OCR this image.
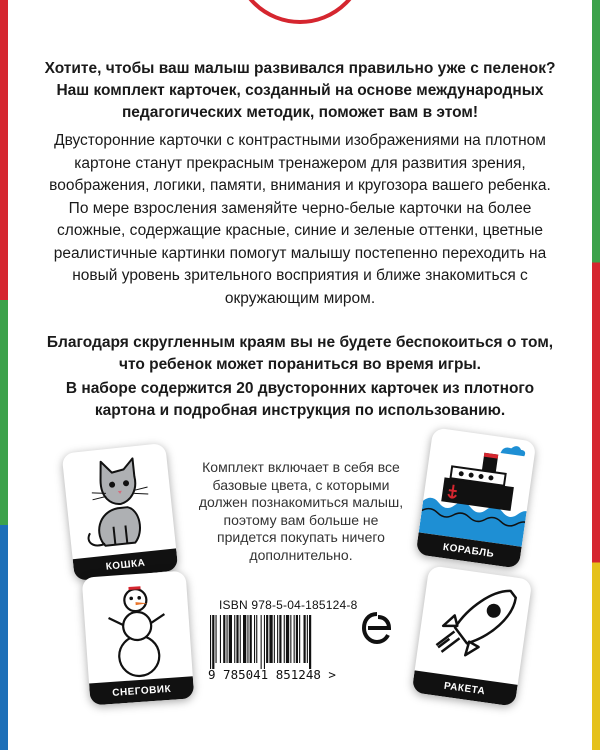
Хотите, чтобы ваш малыш развивался правильно уже с пеленок? Наш комплект карточек, созданный на основе международных педагогических методик, поможет вам в этом!

Двусторонние карточки с контрастными изображениями на плотном картоне станут прекрасным тренажером для развития зрения, воображения, логики, памяти, внимания и кругозора вашего ребенка. По мере взросления заменяйте черно-белые карточки на более сложные, содержащие красные, синие и зеленые оттенки, цветные реалистичные картинки помогут малышу постепенно переходить на новый уровень зрительного восприятия и ближе знакомиться с окружающим миром.

Благодаря скругленным краям вы не будете беспокоиться о том, что ребенок может пораниться во время игры.

В наборе содержится 20 двусторонних карточек из плотного картона и подробная инструкция по использованию.

КОШКА
КОРАБЛЬ
СНЕГОВИК	РАКЕТА

Комплект включает в себя все базовые цвета, с которыми должен познакомиться малыш, поэтому вам больше не придется покупать ничего дополнительно.

ISBN 978-5-04-185124-8
9 785041 851248 >
